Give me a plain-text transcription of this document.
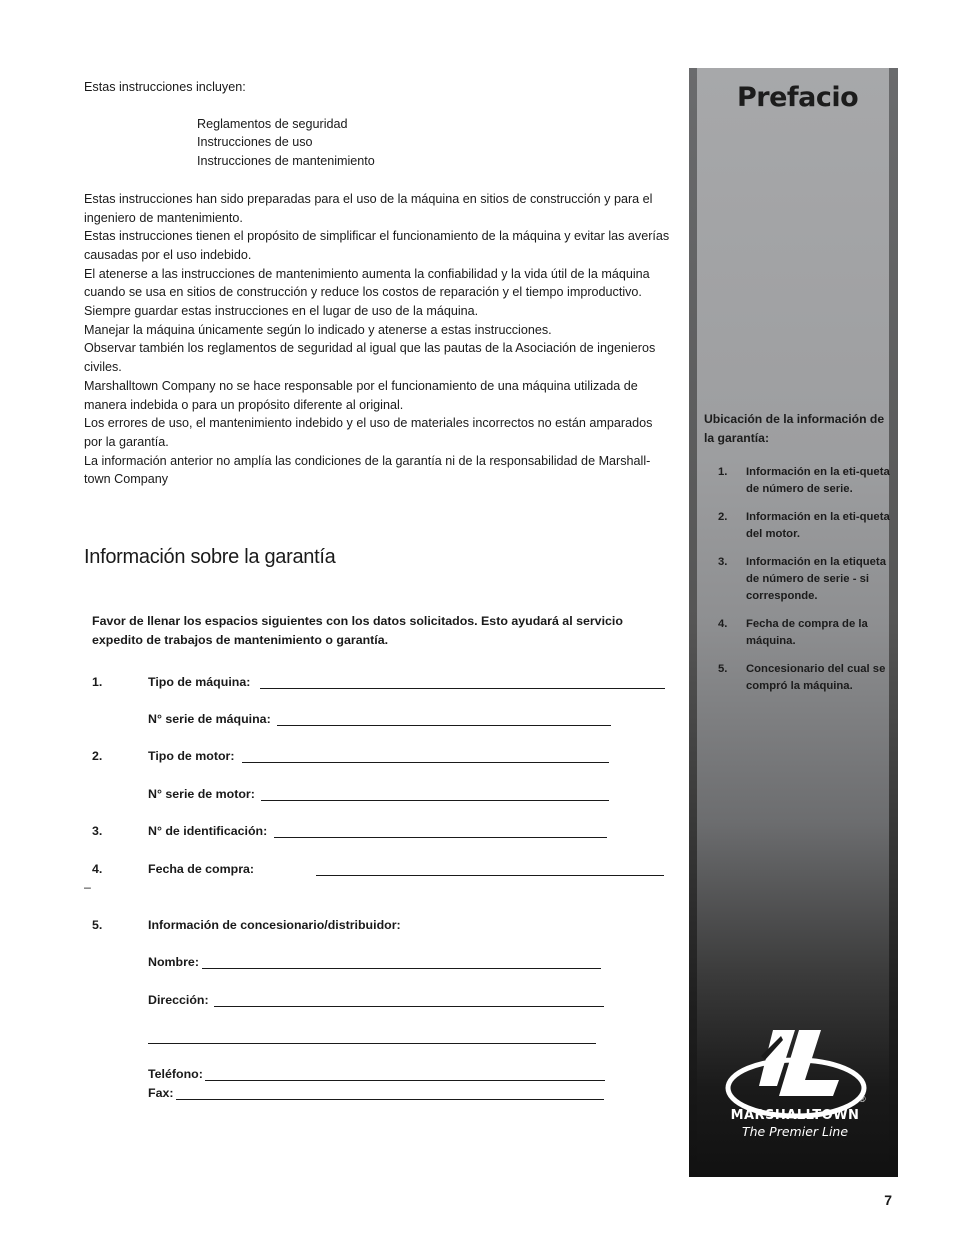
Estas instrucciones incluyen:

Reglamentos de seguridad
Instrucciones de uso
Instrucciones de mantenimiento

Estas instrucciones han sido preparadas para el uso de la máquina en sitios de construcción y para el ingeniero de mantenimiento.

Estas instrucciones tienen el propósito de simplificar el funcionamiento de la máquina y evitar las averías causadas por el uso indebido.

El atenerse a las instrucciones de mantenimiento aumenta la confiabilidad y la vida útil de la máquina cuando se usa en sitios de construcción y reduce los costos de reparación y el tiempo improductivo.

Siempre guardar estas instrucciones en el lugar de uso de la máquina.

Manejar la máquina únicamente según lo indicado y atenerse a estas instrucciones.

Observar también los reglamentos de seguridad al igual que las pautas de la Asociación de ingenieros civiles.

Marshalltown Company no se hace responsable por el funcionamiento de una máquina utilizada de manera indebida o para un propósito diferente al original.

Los errores de uso, el mantenimiento indebido y el uso de materiales incorrectos no están amparados por la garantía.

La información anterior no amplía las condiciones de la garantía ni de la responsabilidad de Marshall-town Company

Información sobre la garantía

Favor de llenar los espacios siguientes con los datos solicitados. Esto ayudará al servicio expedito de trabajos de mantenimiento o garantía.

1.	Tipo de máquina:
N° serie de máquina:
2.	Tipo de motor:
N° serie de motor:
3.	N° de identificación:
4.	Fecha de compra:
–
5.	Información de concesionario/distribuidor:
Nombre:
Dirección:
Teléfono:
Fax:
Prefacio
Ubicación de la información de la garantía:
1. Información en la eti-queta de número de serie.
2. Información en la eti-queta del motor.
3. Información en la etiqueta de número de serie - si corresponde.
4. Fecha de compra de la máquina.
5. Concesionario del cual se compró la máquina.
®
MARSHALLTOWN
The Premier Line
7
